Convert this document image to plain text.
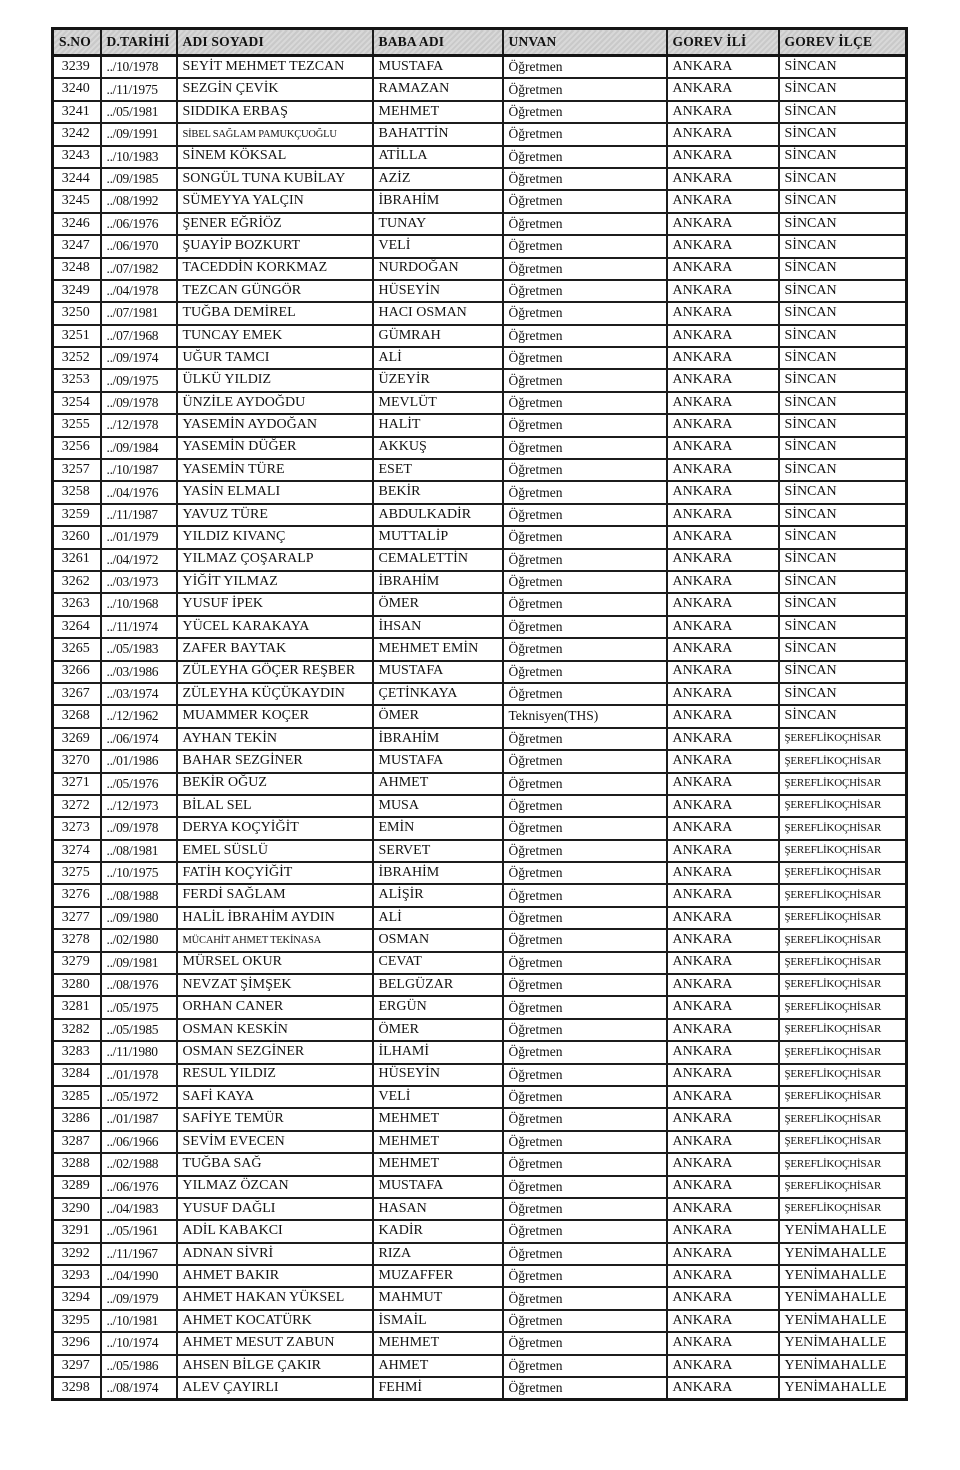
S.NO	D.TARİHİ	ADI SOYADI	BABA ADI	UNVAN	GOREV İLİ	GOREV İLÇE
3239	../10/1978	SEYİT MEHMET TEZCAN	MUSTAFA	Öğretmen	ANKARA	SİNCAN
3240	../11/1975	SEZGİN ÇEVİK	RAMAZAN	Öğretmen	ANKARA	SİNCAN
3241	../05/1981	SIDDIKA ERBAŞ	MEHMET	Öğretmen	ANKARA	SİNCAN
3242	../09/1991	SİBEL SAĞLAM PAMUKÇUOĞLU	BAHATTİN	Öğretmen	ANKARA	SİNCAN
3243	../10/1983	SİNEM KÖKSAL	ATİLLA	Öğretmen	ANKARA	SİNCAN
3244	../09/1985	SONGÜL TUNA KUBİLAY	AZİZ	Öğretmen	ANKARA	SİNCAN
3245	../08/1992	SÜMEYYA YALÇIN	İBRAHİM	Öğretmen	ANKARA	SİNCAN
3246	../06/1976	ŞENER EĞRİÖZ	TUNAY	Öğretmen	ANKARA	SİNCAN
3247	../06/1970	ŞUAYİP BOZKURT	VELİ	Öğretmen	ANKARA	SİNCAN
3248	../07/1982	TACEDDİN KORKMAZ	NURDOĞAN	Öğretmen	ANKARA	SİNCAN
3249	../04/1978	TEZCAN GÜNGÖR	HÜSEYİN	Öğretmen	ANKARA	SİNCAN
3250	../07/1981	TUĞBA DEMİREL	HACI OSMAN	Öğretmen	ANKARA	SİNCAN
3251	../07/1968	TUNCAY EMEK	GÜMRAH	Öğretmen	ANKARA	SİNCAN
3252	../09/1974	UĞUR TAMCI	ALİ	Öğretmen	ANKARA	SİNCAN
3253	../09/1975	ÜLKÜ YILDIZ	ÜZEYİR	Öğretmen	ANKARA	SİNCAN
3254	../09/1978	ÜNZİLE AYDOĞDU	MEVLÜT	Öğretmen	ANKARA	SİNCAN
3255	../12/1978	YASEMİN AYDOĞAN	HALİT	Öğretmen	ANKARA	SİNCAN
3256	../09/1984	YASEMİN DÜĞER	AKKUŞ	Öğretmen	ANKARA	SİNCAN
3257	../10/1987	YASEMİN TÜRE	ESET	Öğretmen	ANKARA	SİNCAN
3258	../04/1976	YASİN ELMALI	BEKİR	Öğretmen	ANKARA	SİNCAN
3259	../11/1987	YAVUZ TÜRE	ABDULKADİR	Öğretmen	ANKARA	SİNCAN
3260	../01/1979	YILDIZ KIVANÇ	MUTTALİP	Öğretmen	ANKARA	SİNCAN
3261	../04/1972	YILMAZ ÇOŞARALP	CEMALETTİN	Öğretmen	ANKARA	SİNCAN
3262	../03/1973	YİĞİT YILMAZ	İBRAHİM	Öğretmen	ANKARA	SİNCAN
3263	../10/1968	YUSUF İPEK	ÖMER	Öğretmen	ANKARA	SİNCAN
3264	../11/1974	YÜCEL KARAKAYA	İHSAN	Öğretmen	ANKARA	SİNCAN
3265	../05/1983	ZAFER BAYTAK	MEHMET EMİN	Öğretmen	ANKARA	SİNCAN
3266	../03/1986	ZÜLEYHA GÖÇER REŞBER	MUSTAFA	Öğretmen	ANKARA	SİNCAN
3267	../03/1974	ZÜLEYHA KÜÇÜKAYDIN	ÇETİNKAYA	Öğretmen	ANKARA	SİNCAN
3268	../12/1962	MUAMMER KOÇER	ÖMER	Teknisyen(THS)	ANKARA	SİNCAN
3269	../06/1974	AYHAN TEKİN	İBRAHİM	Öğretmen	ANKARA	ŞEREFLİKOÇHİSAR
3270	../01/1986	BAHAR SEZGİNER	MUSTAFA	Öğretmen	ANKARA	ŞEREFLİKOÇHİSAR
3271	../05/1976	BEKİR OĞUZ	AHMET	Öğretmen	ANKARA	ŞEREFLİKOÇHİSAR
3272	../12/1973	BİLAL SEL	MUSA	Öğretmen	ANKARA	ŞEREFLİKOÇHİSAR
3273	../09/1978	DERYA KOÇYİĞİT	EMİN	Öğretmen	ANKARA	ŞEREFLİKOÇHİSAR
3274	../08/1981	EMEL SÜSLÜ	SERVET	Öğretmen	ANKARA	ŞEREFLİKOÇHİSAR
3275	../10/1975	FATİH KOÇYİĞİT	İBRAHİM	Öğretmen	ANKARA	ŞEREFLİKOÇHİSAR
3276	../08/1988	FERDİ SAĞLAM	ALİŞİR	Öğretmen	ANKARA	ŞEREFLİKOÇHİSAR
3277	../09/1980	HALİL İBRAHİM AYDIN	ALİ	Öğretmen	ANKARA	ŞEREFLİKOÇHİSAR
3278	../02/1980	MÜCAHİT AHMET TEKİNASA	OSMAN	Öğretmen	ANKARA	ŞEREFLİKOÇHİSAR
3279	../09/1981	MÜRSEL OKUR	CEVAT	Öğretmen	ANKARA	ŞEREFLİKOÇHİSAR
3280	../08/1976	NEVZAT ŞİMŞEK	BELGÜZAR	Öğretmen	ANKARA	ŞEREFLİKOÇHİSAR
3281	../05/1975	ORHAN CANER	ERGÜN	Öğretmen	ANKARA	ŞEREFLİKOÇHİSAR
3282	../05/1985	OSMAN KESKİN	ÖMER	Öğretmen	ANKARA	ŞEREFLİKOÇHİSAR
3283	../11/1980	OSMAN SEZGİNER	İLHAMİ	Öğretmen	ANKARA	ŞEREFLİKOÇHİSAR
3284	../01/1978	RESUL YILDIZ	HÜSEYİN	Öğretmen	ANKARA	ŞEREFLİKOÇHİSAR
3285	../05/1972	SAFİ KAYA	VELİ	Öğretmen	ANKARA	ŞEREFLİKOÇHİSAR
3286	../01/1987	SAFİYE TEMÜR	MEHMET	Öğretmen	ANKARA	ŞEREFLİKOÇHİSAR
3287	../06/1966	SEVİM EVECEN	MEHMET	Öğretmen	ANKARA	ŞEREFLİKOÇHİSAR
3288	../02/1988	TUĞBA SAĞ	MEHMET	Öğretmen	ANKARA	ŞEREFLİKOÇHİSAR
3289	../06/1976	YILMAZ ÖZCAN	MUSTAFA	Öğretmen	ANKARA	ŞEREFLİKOÇHİSAR
3290	../04/1983	YUSUF DAĞLI	HASAN	Öğretmen	ANKARA	ŞEREFLİKOÇHİSAR
3291	../05/1961	ADİL KABAKCI	KADİR	Öğretmen	ANKARA	YENİMAHALLE
3292	../11/1967	ADNAN SİVRİ	RIZA	Öğretmen	ANKARA	YENİMAHALLE
3293	../04/1990	AHMET BAKIR	MUZAFFER	Öğretmen	ANKARA	YENİMAHALLE
3294	../09/1979	AHMET HAKAN YÜKSEL	MAHMUT	Öğretmen	ANKARA	YENİMAHALLE
3295	../10/1981	AHMET KOCATÜRK	İSMAİL	Öğretmen	ANKARA	YENİMAHALLE
3296	../10/1974	AHMET MESUT ZABUN	MEHMET	Öğretmen	ANKARA	YENİMAHALLE
3297	../05/1986	AHSEN BİLGE ÇAKIR	AHMET	Öğretmen	ANKARA	YENİMAHALLE
3298	../08/1974	ALEV ÇAYIRLI	FEHMİ	Öğretmen	ANKARA	YENİMAHALLE
